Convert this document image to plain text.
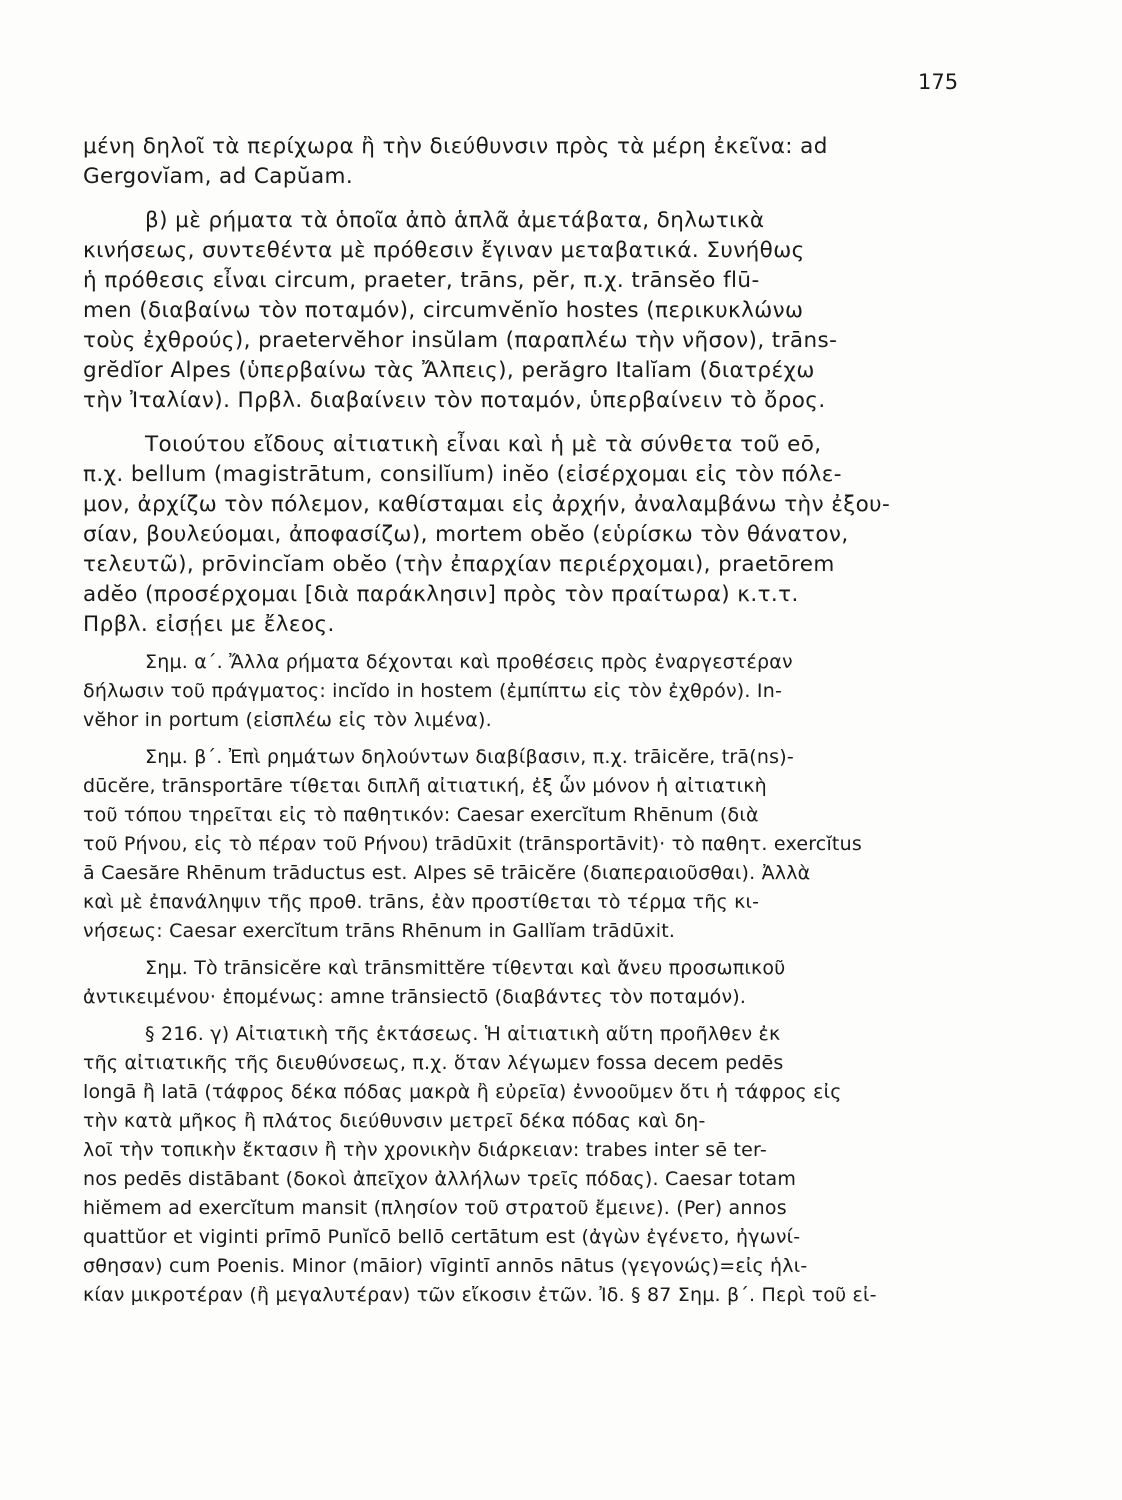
175
μένη δηλοῖ τὰ περίχωρα ἢ τὴν διεύθυνσιν πρὸς τὰ μέρη ἐκεῖνα: ad
Gergovĭam, ad Capŭam.
β) μὲ ρήματα τὰ ὁποῖα ἀπὸ ἁπλᾶ ἀμετάβατα, δηλωτικὰ
κινήσεως, συντεθέντα μὲ πρόθεσιν ἔγιναν μεταβατικά. Συνήθως
ἡ πρόθεσις εἶναι circum, praeter, trāns, pĕr, π.χ. trānsĕo flū-
men (διαβαίνω τὸν ποταμόν), circumvĕnĭo hostes (περικυκλώνω
τοὺς ἐχθρούς), praetervĕhor insŭlam (παραπλέω τὴν νῆσον), trāns-
grĕdĭor Alpes (ὑπερβαίνω τὰς Ἄλπεις), perăgro Italĭam (διατρέχω
τὴν Ἰταλίαν). Πρβλ. διαβαίνειν τὸν ποταμόν, ὑπερβαίνειν τὸ ὄρος.
Τοιούτου εἴδους αἰτιατικὴ εἶναι καὶ ἡ μὲ τὰ σύνθετα τοῦ eō,
π.χ. bellum (magistrātum, consilĭum) inĕo (εἰσέρχομαι εἰς τὸν πόλε-
μον, ἀρχίζω τὸν πόλεμον, καθίσταμαι εἰς ἀρχήν, ἀναλαμβάνω τὴν ἐξου-
σίαν, βουλεύομαι, ἀποφασίζω), mortem obĕo (εὑρίσκω τὸν θάνατον,
τελευτῶ), prōvincĭam obĕo (τὴν ἐπαρχίαν περιέρχομαι), praetōrem
adĕo (προσέρχομαι [διὰ παράκλησιν] πρὸς τὸν πραίτωρα) κ.τ.τ.
Πρβλ. εἰσῄει με ἔλεος.
Σημ. α΄. Ἄλλα ρήματα δέχονται καὶ προθέσεις πρὸς ἐναργεστέραν
δήλωσιν τοῦ πράγματος: incĭdo in hostem (ἐμπίπτω εἰς τὸν ἐχθρόν). In-
vĕhor in portum (εἰσπλέω εἰς τὸν λιμένα).
Σημ. β΄. Ἐπὶ ρημάτων δηλούντων διαβίβασιν, π.χ. trāicĕre, trā(ns)-
dūcĕre, trānsportāre τίθεται διπλῆ αἰτιατική, ἐξ ὧν μόνον ἡ αἰτιατικὴ
τοῦ τόπου τηρεῖται εἰς τὸ παθητικόν: Caesar exercĭtum Rhēnum (διὰ
τοῦ Ρήνου, εἰς τὸ πέραν τοῦ Ρήνου) trādūxit (trānsportāvit)· τὸ παθητ. exercĭtus
ā Caesăre Rhēnum trāductus est. Alpes sē trāicĕre (διαπεραιοῦσθαι). Ἀλλὰ
καὶ μὲ ἐπανάληψιν τῆς προθ. trāns, ἐὰν προστίθεται τὸ τέρμα τῆς κι-
νήσεως: Caesar exercĭtum trāns Rhēnum in Gallĭam trādūxit.
Σημ. Τὸ trānsicĕre καὶ trānsmittĕre τίθενται καὶ ἄνευ προσωπικοῦ
ἀντικειμένου· ἐπομένως: amne trānsiectō (διαβάντες τὸν ποταμόν).
§ 216. γ) Αἰτιατικὴ τῆς ἐκτάσεως. Ἡ αἰτιατικὴ αὕτη προῆλθεν ἐκ
τῆς αἰτιατικῆς τῆς διευθύνσεως, π.χ. ὅταν λέγωμεν fossa decem pedēs
longā ἢ latā (τάφρος δέκα πόδας μακρὰ ἢ εὐρεῖα) ἐννοοῦμεν ὅτι ἡ τάφρος εἰς
τὴν κατὰ μῆκος ἢ πλάτος διεύθυνσιν μετρεῖ δέκα πόδας καὶ δη-
λοῖ τὴν τοπικὴν ἔκτασιν ἢ τὴν χρονικὴν διάρκειαν: trabes inter sē ter-
nos pedēs distābant (δοκοὶ ἀπεῖχον ἀλλήλων τρεῖς πόδας). Caesar totam
hiĕmem ad exercĭtum mansit (πλησίον τοῦ στρατοῦ ἔμεινε). (Per) annos
quattŭor et viginti prīmō Punĭcō bellō certātum est (ἀγὼν ἐγένετο, ἠγωνί-
σθησαν) cum Poenis. Minor (māior) vīgintī annōs nātus (γεγονώς)=εἰς ἡλι-
κίαν μικροτέραν (ἢ μεγαλυτέραν) τῶν εἴκοσιν ἐτῶν. Ἰδ. § 87 Σημ. β΄. Περὶ τοῦ εἰ-
